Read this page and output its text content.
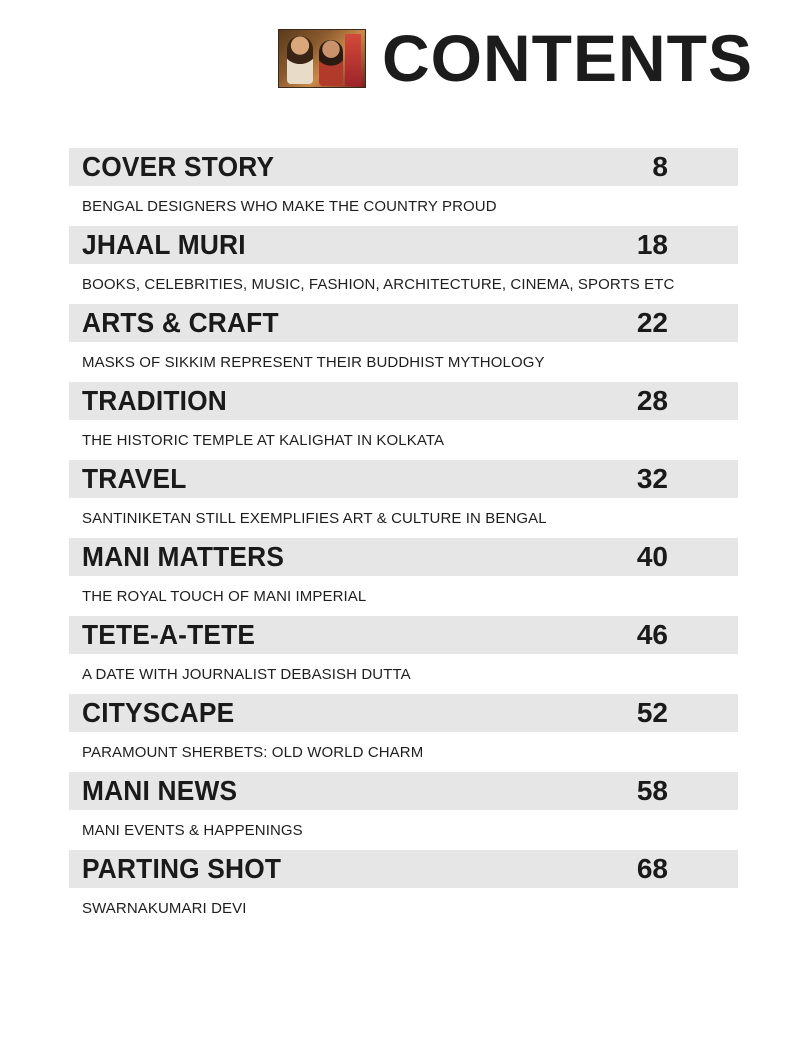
CONTENTS
COVER STORY	8
BENGAL DESIGNERS WHO MAKE THE COUNTRY PROUD
JHAAL MURI	18
BOOKS, CELEBRITIES, MUSIC, FASHION, ARCHITECTURE, CINEMA, SPORTS ETC
ARTS & CRAFT	22
MASKS OF SIKKIM REPRESENT THEIR BUDDHIST MYTHOLOGY
TRADITION	28
THE HISTORIC TEMPLE AT KALIGHAT IN KOLKATA
TRAVEL	32
SANTINIKETAN STILL EXEMPLIFIES ART & CULTURE IN BENGAL
MANI MATTERS	40
THE ROYAL TOUCH OF MANI IMPERIAL
TETE-A-TETE	46
A DATE WITH JOURNALIST DEBASISH DUTTA
CITYSCAPE	52
PARAMOUNT SHERBETS: OLD WORLD CHARM
MANI NEWS	58
MANI EVENTS & HAPPENINGS
PARTING SHOT	68
SWARNAKUMARI DEVI
